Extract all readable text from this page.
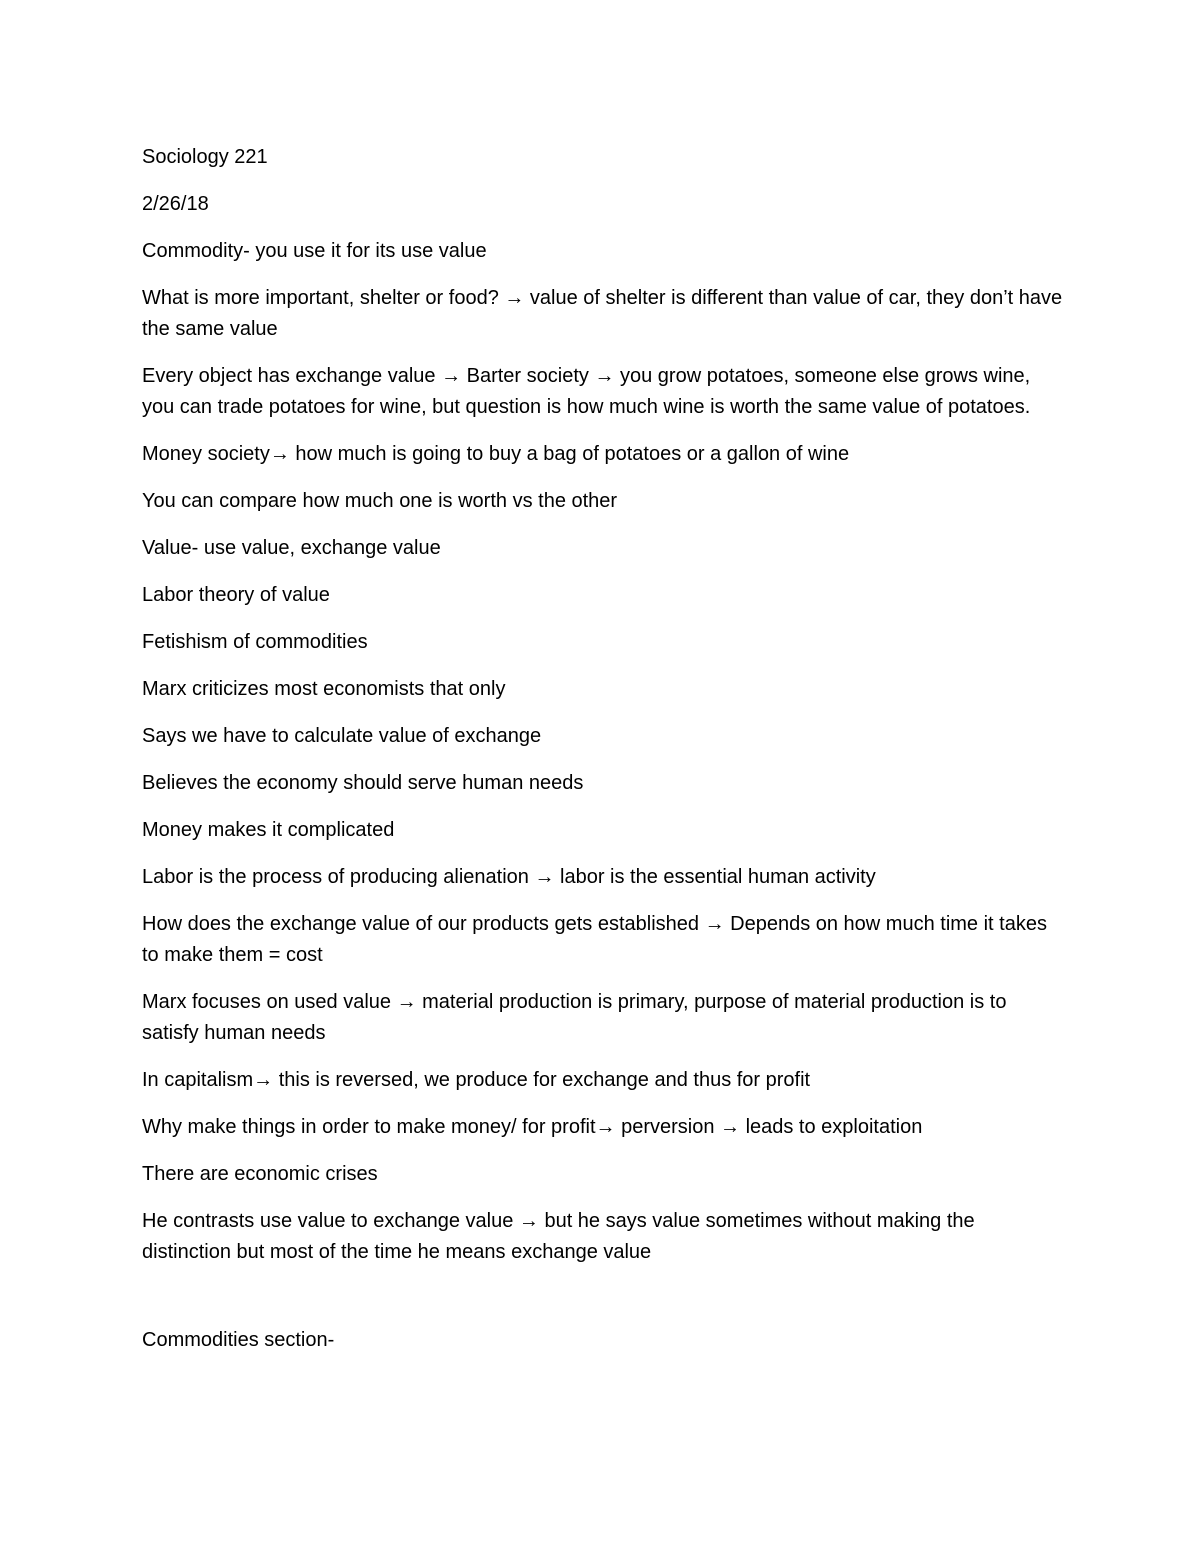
Sociology 221

2/26/18

Commodity- you use it for its use value

What is more important, shelter or food? → value of shelter is different than value of car, they don’t have the same value

Every object has exchange value → Barter society → you grow potatoes, someone else grows wine, you can trade potatoes for wine, but question is how much wine is worth the same value of potatoes.

Money society→ how much is going to buy a bag of potatoes or a gallon of wine

You can compare how much one is worth vs the other

Value- use value, exchange value

Labor theory of value

Fetishism of commodities

Marx criticizes most economists that only

Says we have to calculate value of exchange

Believes the economy should serve human needs

Money makes it complicated

Labor is the process of producing alienation → labor is the essential human activity

How does the exchange value of our products gets established → Depends on how much time it takes to make them = cost

Marx focuses on used value → material production is primary, purpose of material production is to satisfy human needs

In capitalism→ this is reversed, we produce for exchange and thus for profit

Why make things in order to make money/ for profit→ perversion → leads to exploitation

There are economic crises

He contrasts use value to exchange value → but he says value sometimes without making the distinction but most of the time he means exchange value

Commodities section-
